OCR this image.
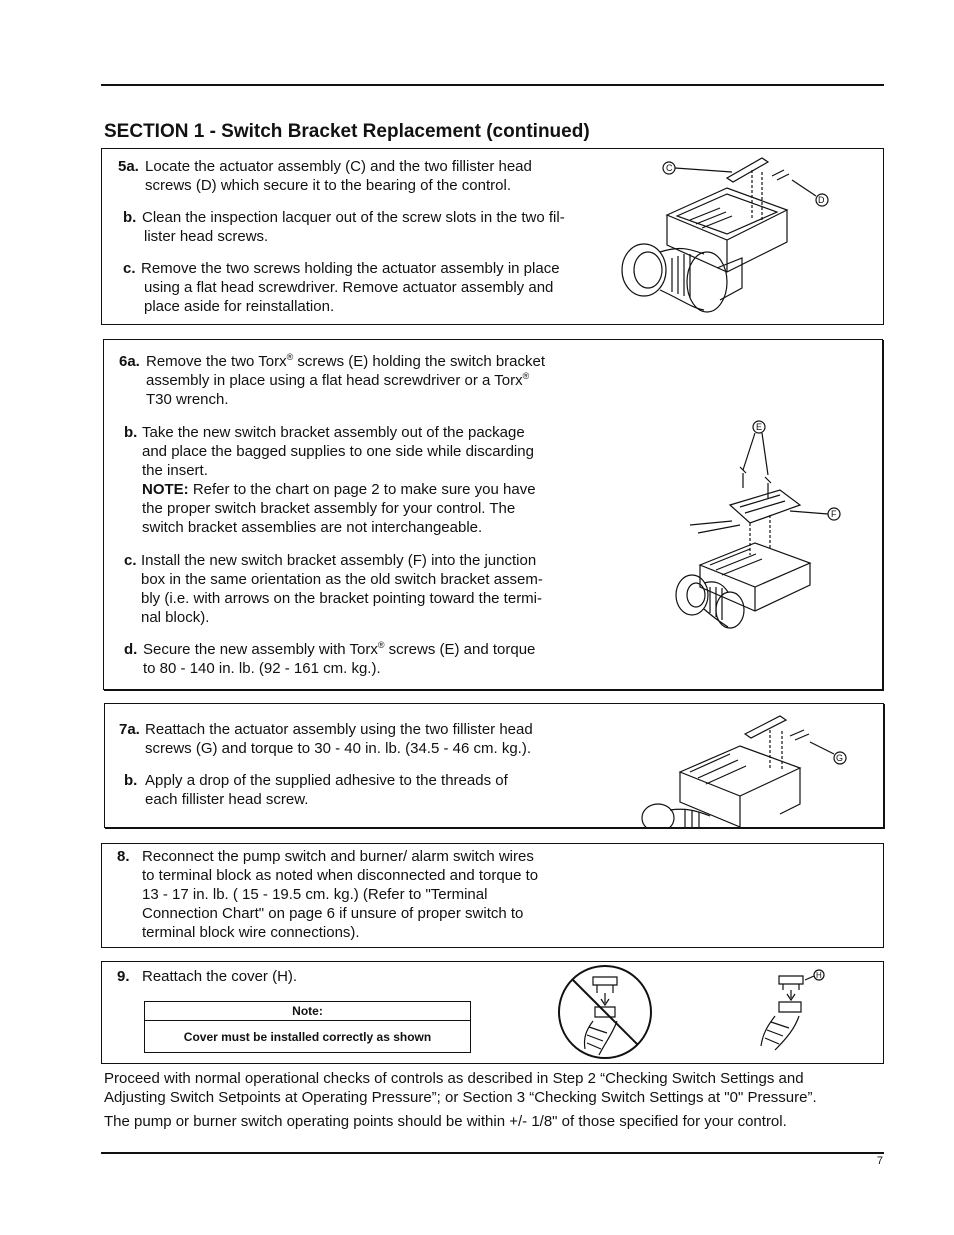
SECTION 1 - Switch Bracket Replacement (continued)
5a. Locate the actuator assembly (C) and the two fillister head
screws (D) which secure it to the bearing of the control.
b. Clean the inspection lacquer out of the screw slots in the two fil-
lister head screws.
c. Remove the two screws holding the actuator assembly in place
using a flat head screwdriver. Remove actuator assembly and
place aside for reinstallation.
C
D
6a. Remove the two Torx® screws (E) holding the switch bracket
assembly in place using a flat head screwdriver or a Torx®
T30 wrench.
b. Take the new switch bracket assembly out of the package
and place the bagged supplies to one side while discarding
the insert.
NOTE: Refer to the chart on page 2 to make sure you have
the proper switch bracket assembly for your control. The
switch bracket assemblies are not interchangeable.
c. Install the new switch bracket assembly (F) into the junction
box in the same orientation as the old switch bracket assem-
bly (i.e. with arrows on the bracket pointing toward the termi-
nal block).
d. Secure the new assembly with Torx® screws (E) and torque
to 80 - 140 in. lb. (92 - 161 cm. kg.).
E
F
7a. Reattach the actuator assembly using the two fillister head
screws (G) and torque to 30 - 40 in. lb. (34.5 - 46 cm. kg.).
b. Apply a drop of the supplied adhesive to the threads of
each fillister head screw.
G
8. Reconnect the pump switch and burner/ alarm switch wires
to terminal block as noted when disconnected and torque to
13 - 17 in. lb. ( 15 - 19.5 cm. kg.) (Refer to "Terminal
Connection Chart" on page 6 if unsure of proper switch to
terminal block wire connections).
9. Reattach the cover (H).
Note:
Cover must be installed correctly as shown
H
Proceed with normal operational checks of controls as described in Step 2 “Checking Switch Settings and
Adjusting Switch Setpoints at Operating Pressure”; or Section 3 “Checking Switch Settings at "0" Pressure”.

The pump or burner switch operating points should be within +/- 1/8" of those specified for your control.

7
